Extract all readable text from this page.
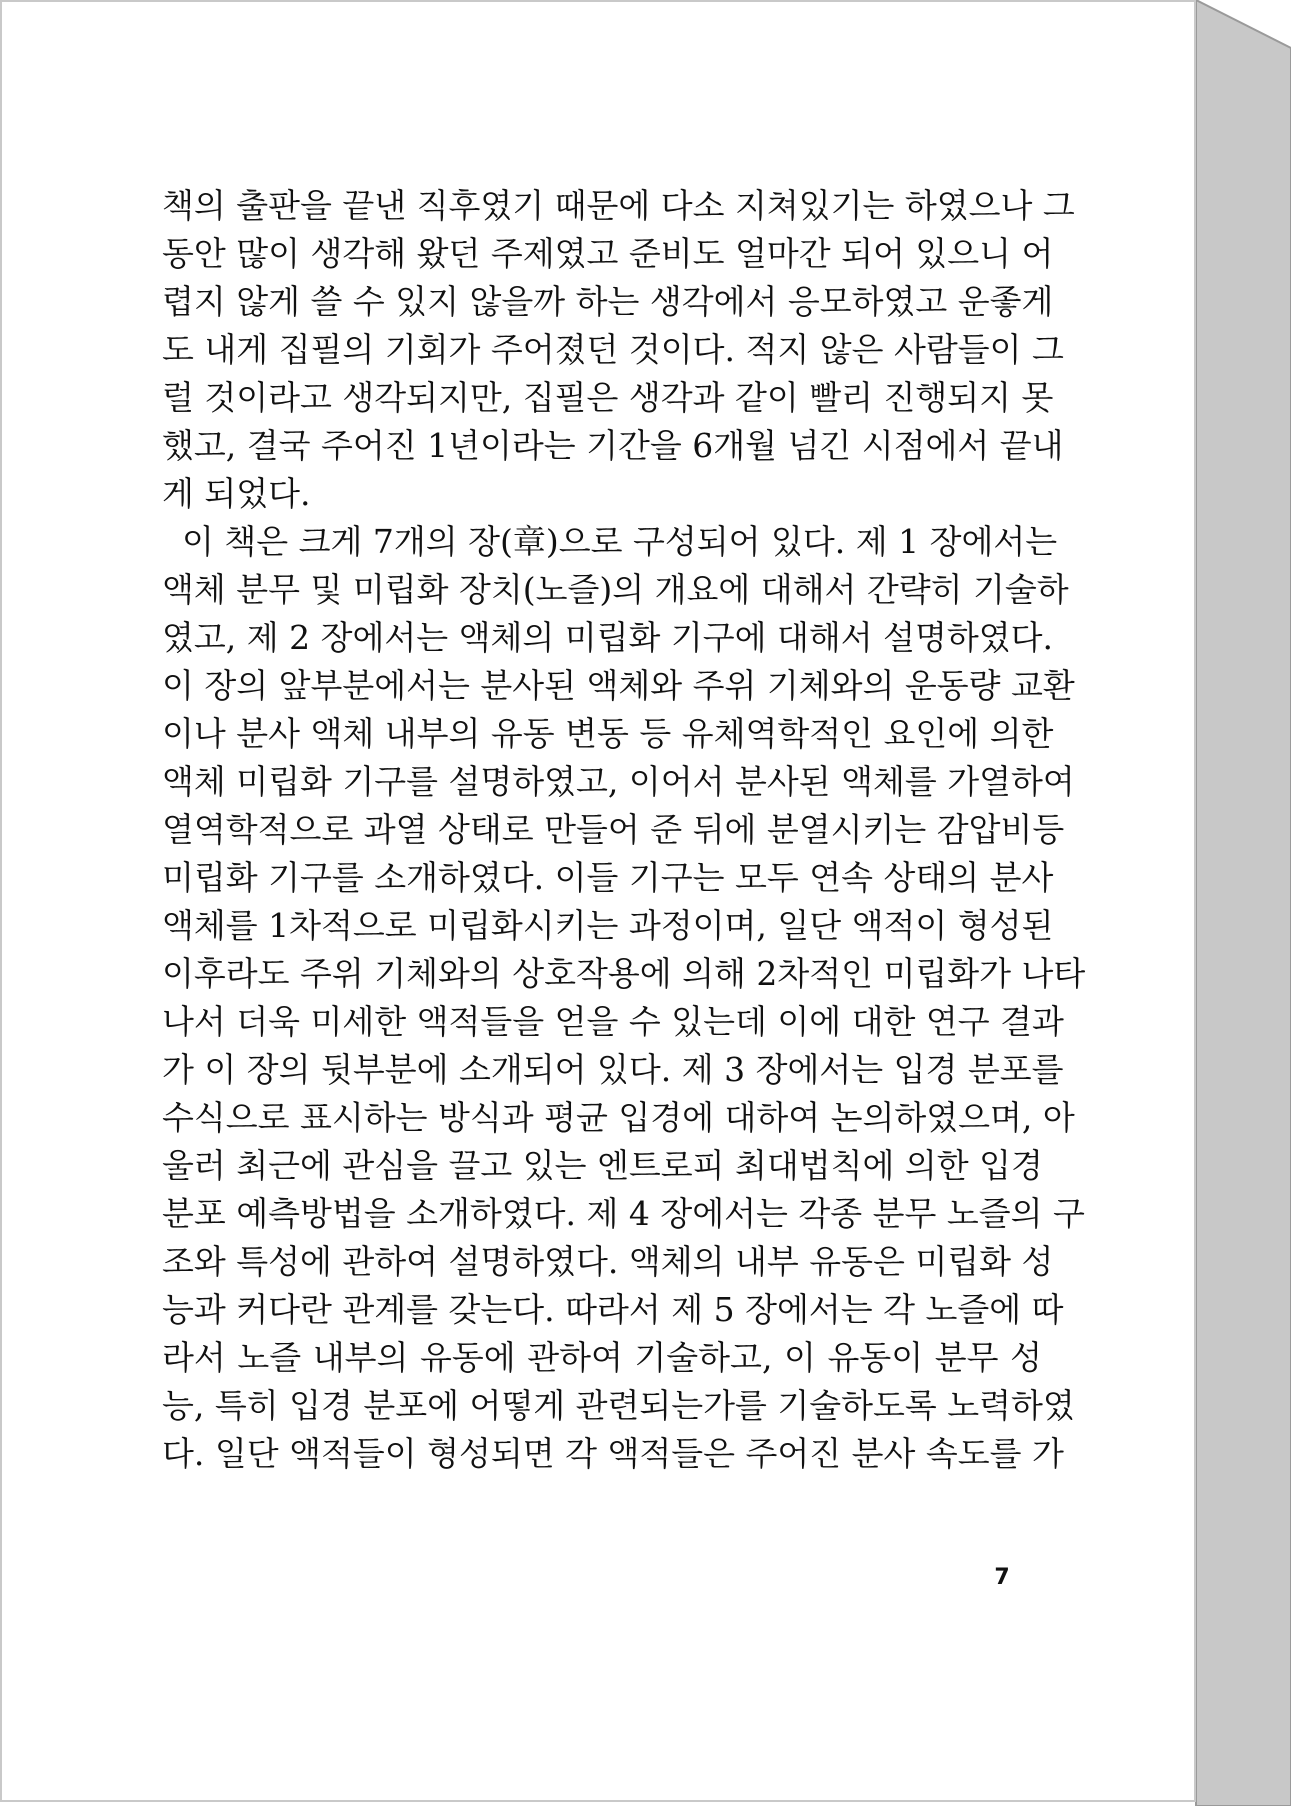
책의 출판을 끝낸 직후였기 때문에 다소 지쳐있기는 하였으나 그
동안 많이 생각해 왔던 주제였고 준비도 얼마간 되어 있으니 어
렵지 않게 쓸 수 있지 않을까 하는 생각에서 응모하였고 운좋게
도 내게 집필의 기회가 주어졌던 것이다. 적지 않은 사람들이 그
럴 것이라고 생각되지만, 집필은 생각과 같이 빨리 진행되지 못
했고, 결국 주어진 1년이라는 기간을 6개월 넘긴 시점에서 끝내
게 되었다.
이 책은 크게 7개의 장(章)으로 구성되어 있다. 제 1 장에서는
액체 분무 및 미립화 장치(노즐)의 개요에 대해서 간략히 기술하
였고, 제 2 장에서는 액체의 미립화 기구에 대해서 설명하였다.
이 장의 앞부분에서는 분사된 액체와 주위 기체와의 운동량 교환
이나 분사 액체 내부의 유동 변동 등 유체역학적인 요인에 의한
액체 미립화 기구를 설명하였고, 이어서 분사된 액체를 가열하여
열역학적으로 과열 상태로 만들어 준 뒤에 분열시키는 감압비등
미립화 기구를 소개하였다. 이들 기구는 모두 연속 상태의 분사
액체를 1차적으로 미립화시키는 과정이며, 일단 액적이 형성된
이후라도 주위 기체와의 상호작용에 의해 2차적인 미립화가 나타
나서 더욱 미세한 액적들을 얻을 수 있는데 이에 대한 연구 결과
가 이 장의 뒷부분에 소개되어 있다. 제 3 장에서는 입경 분포를
수식으로 표시하는 방식과 평균 입경에 대하여 논의하였으며, 아
울러 최근에 관심을 끌고 있는 엔트로피 최대법칙에 의한 입경
분포 예측방법을 소개하였다. 제 4 장에서는 각종 분무 노즐의 구
조와 특성에 관하여 설명하였다. 액체의 내부 유동은 미립화 성
능과 커다란 관계를 갖는다. 따라서 제 5 장에서는 각 노즐에 따
라서 노즐 내부의 유동에 관하여 기술하고, 이 유동이 분무 성
능, 특히 입경 분포에 어떻게 관련되는가를 기술하도록 노력하였
다. 일단 액적들이 형성되면 각 액적들은 주어진 분사 속도를 가
7
